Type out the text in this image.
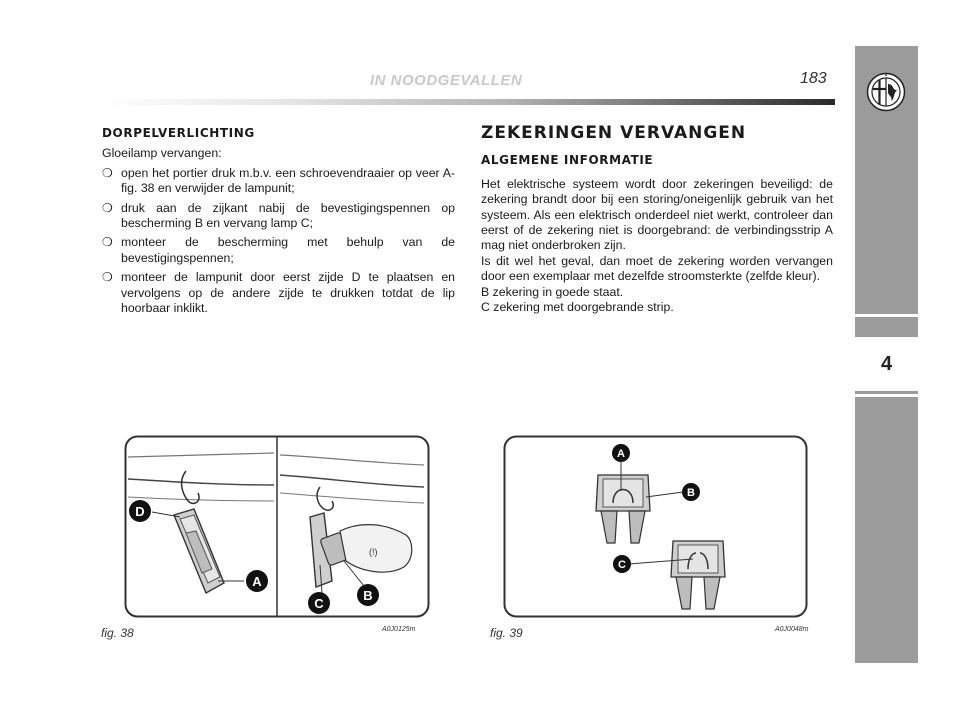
IN NOODGEVALLEN	183
4
DORPELVERLICHTING

Gloeilamp vervangen:

❍ open het portier druk m.b.v. een schroevendraaier op veer A-fig. 38 en verwijder de lampunit;
❍ druk aan de zijkant nabij de bevestigingspennen op bescherming B en vervang lamp C;
❍ monteer de bescherming met behulp van de bevestigingspennen;
❍ monteer de lampunit door eerst zijde D te plaatsen en vervolgens op de andere zijde te drukken totdat de lip hoorbaar inklikt.
ZEKERINGEN VERVANGEN
ALGEMENE INFORMATIE

Het elektrische systeem wordt door zekeringen beveiligd: de zekering brandt door bij een storing/oneigenlijk gebruik van het systeem. Als een elektrisch onderdeel niet werkt, controleer dan eerst of de zekering niet is doorgebrand: de verbindingsstrip A mag niet onderbroken zijn.

Is dit wel het geval, dan moet de zekering worden vervangen door een exemplaar met dezelfde stroomsterkte (zelfde kleur).

B zekering in goede staat.

C zekering met doorgebrande strip.

(!)
D
A
C
B
fig. 38	A0J0125m
A
B
C
fig. 39	A0J0048m
